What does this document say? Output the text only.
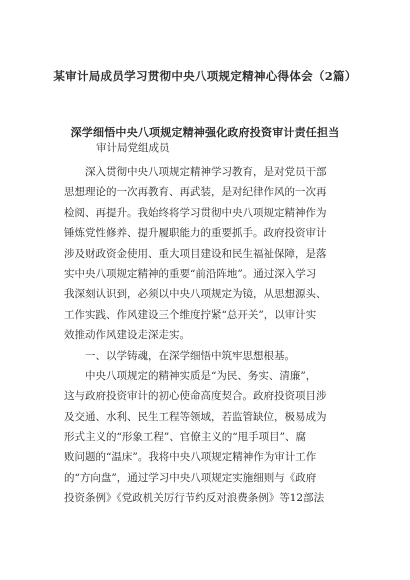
某审计局成员学习贯彻中央八项规定精神心得体会（2篇）
深学细悟中央八项规定精神强化政府投资审计责任担当
审计局党组成员
　　深入贯彻中央八项规定精神学习教育，是对党员干部
思想理论的一次再教育、再武装，是对纪律作风的一次再
检阅、再提升。我始终将学习贯彻中央八项规定精神作为
锤炼党性修养、提升履职能力的重要抓手。政府投资审计
涉及财政资金使用、重大项目建设和民生福祉保障，是落
实中央八项规定精神的重要“前沿阵地”。通过深入学习
我深刻认识到，必须以中央八项规定为镜，从思想源头、
工作实践、作风建设三个维度拧紧“总开关”，以审计实
效推动作风建设走深走实。
　　一、以学铸魂，在深学细悟中筑牢思想根基。
　　中央八项规定的精神实质是“为民、务实、清廉”，
这与政府投资审计的初心使命高度契合。政府投资项目涉
及交通、水利、民生工程等领域，若监管缺位，极易成为
形式主义的“形象工程”、官僚主义的“甩手项目”、腐
败问题的“温床”。我将中央八项规定精神作为审计工作
的“方向盘”，通过学习中央八项规定实施细则与《政府
投资条例》《党政机关厉行节约反对浪费条例》等12部法
